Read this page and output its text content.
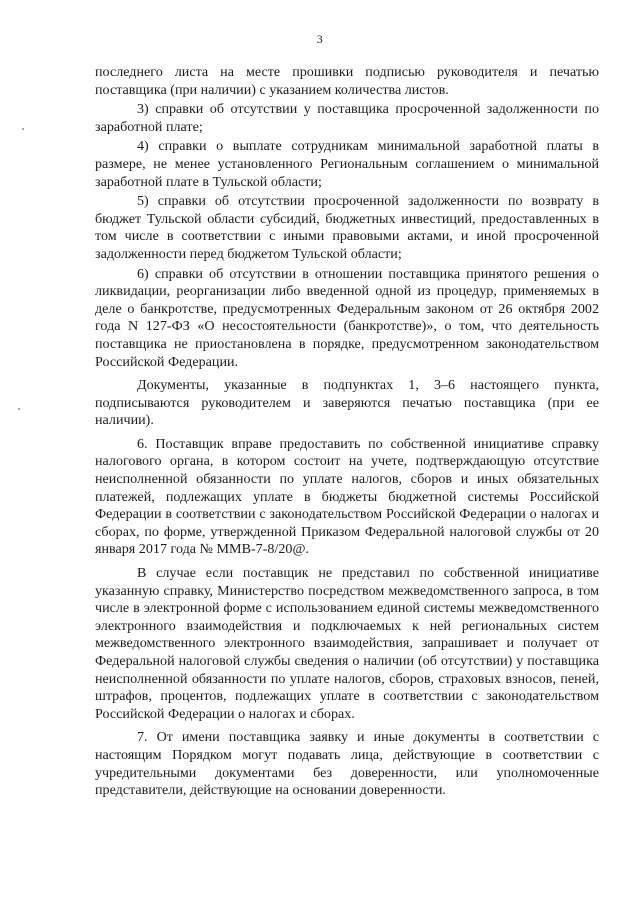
3

последнего листа на месте прошивки подписью руководителя и печатью поставщика (при наличии) с указанием количества листов.

3) справки об отсутствии у поставщика просроченной задолженности по заработной плате;

4) справки о выплате сотрудникам минимальной заработной платы в размере, не менее установленного Региональным соглашением о минимальной заработной плате в Тульской области;

5) справки об отсутствии просроченной задолженности по возврату в бюджет Тульской области субсидий, бюджетных инвестиций, предоставленных в том числе в соответствии с иными правовыми актами, и иной просроченной задолженности перед бюджетом Тульской области;

6) справки об отсутствии в отношении поставщика принятого решения о ликвидации, реорганизации либо введенной одной из процедур, применяемых в деле о банкротстве, предусмотренных Федеральным законом от 26 октября 2002 года N 127-ФЗ «О несостоятельности (банкротстве)», о том, что деятельность поставщика не приостановлена в порядке, предусмотренном законодательством Российской Федерации.

Документы, указанные в подпунктах 1, 3–6 настоящего пункта, подписываются руководителем и заверяются печатью поставщика (при ее наличии).

6. Поставщик вправе предоставить по собственной инициативе справку налогового органа, в котором состоит на учете, подтверждающую отсутствие неисполненной обязанности по уплате налогов, сборов и иных обязательных платежей, подлежащих уплате в бюджеты бюджетной системы Российской Федерации в соответствии с законодательством Российской Федерации о налогах и сборах, по форме, утвержденной Приказом Федеральной налоговой службы от 20 января 2017 года № ММВ-7-8/20@.

В случае если поставщик не представил по собственной инициативе указанную справку, Министерство посредством межведомственного запроса, в том числе в электронной форме с использованием единой системы межведомственного электронного взаимодействия и подключаемых к ней региональных систем межведомственного электронного взаимодействия, запрашивает и получает от Федеральной налоговой службы сведения о наличии (об отсутствии) у поставщика неисполненной обязанности по уплате налогов, сборов, страховых взносов, пеней, штрафов, процентов, подлежащих уплате в соответствии с законодательством Российской Федерации о налогах и сборах.

7. От имени поставщика заявку и иные документы в соответствии с настоящим Порядком могут подавать лица, действующие в соответствии с учредительными документами без доверенности, или уполномоченные представители, действующие на основании доверенности.
